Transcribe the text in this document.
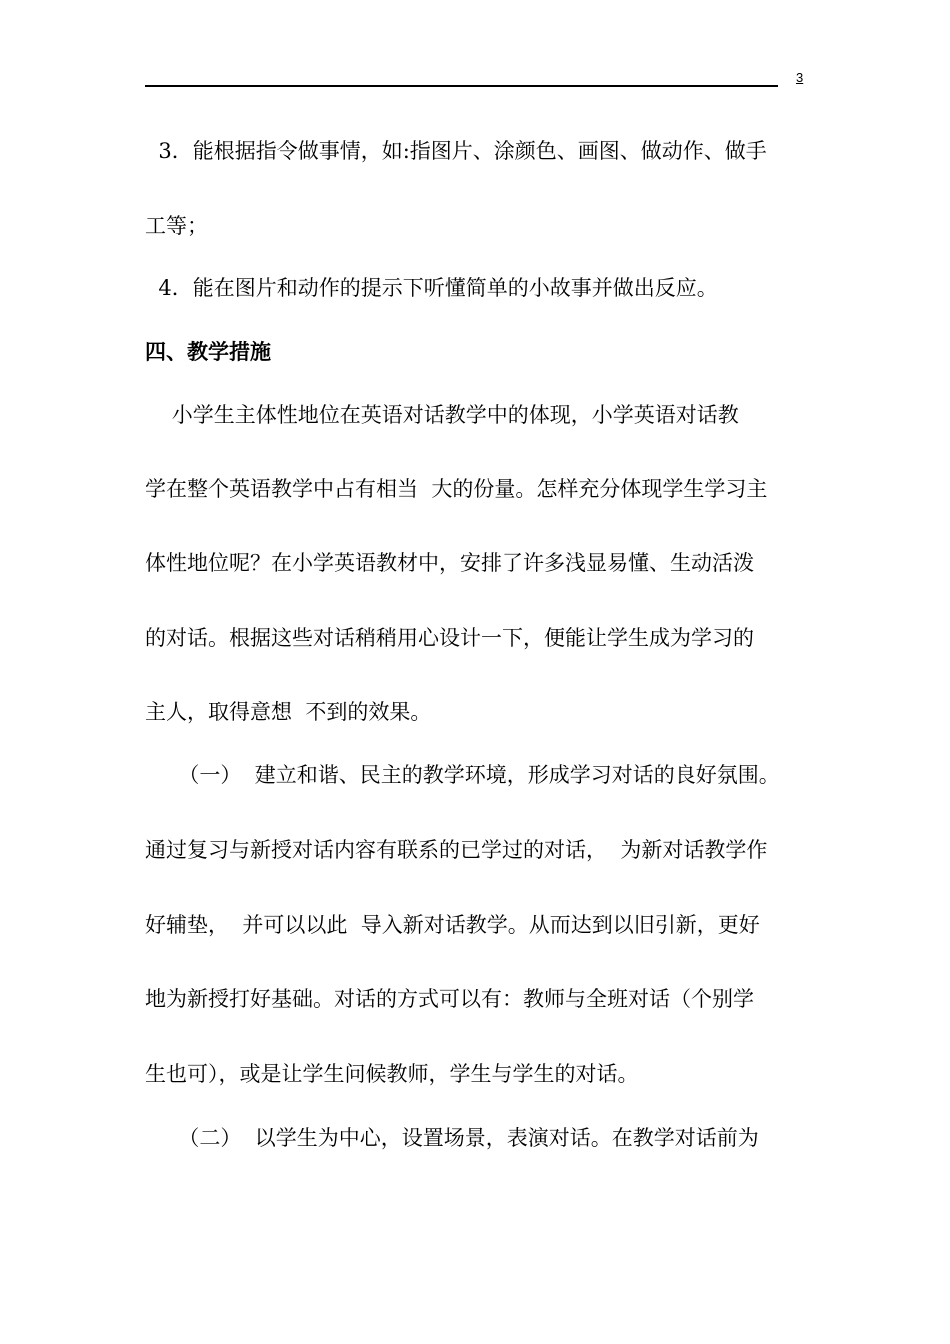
3
3．能根据指令做事情，如:指图片、涂颜色、画图、做动作、做手
工等；
4．能在图片和动作的提示下听懂简单的小故事并做出反应。
四、教学措施
小学生主体性地位在英语对话教学中的体现，小学英语对话教
学在整个英语教学中占有相当  大的份量。怎样充分体现学生学习主
体性地位呢？在小学英语教材中，安排了许多浅显易懂、生动活泼
的对话。根据这些对话稍稍用心设计一下，便能让学生成为学习的
主人，取得意想  不到的效果。
（一）  建立和谐、民主的教学环境，形成学习对话的良好氛围。
通过复习与新授对话内容有联系的已学过的对话，  为新对话教学作
好辅垫，  并可以以此  导入新对话教学。从而达到以旧引新，更好
地为新授打好基础。对话的方式可以有：教师与全班对话（个别学
生也可），或是让学生问候教师，学生与学生的对话。
（二）  以学生为中心，设置场景，表演对话。在教学对话前为
